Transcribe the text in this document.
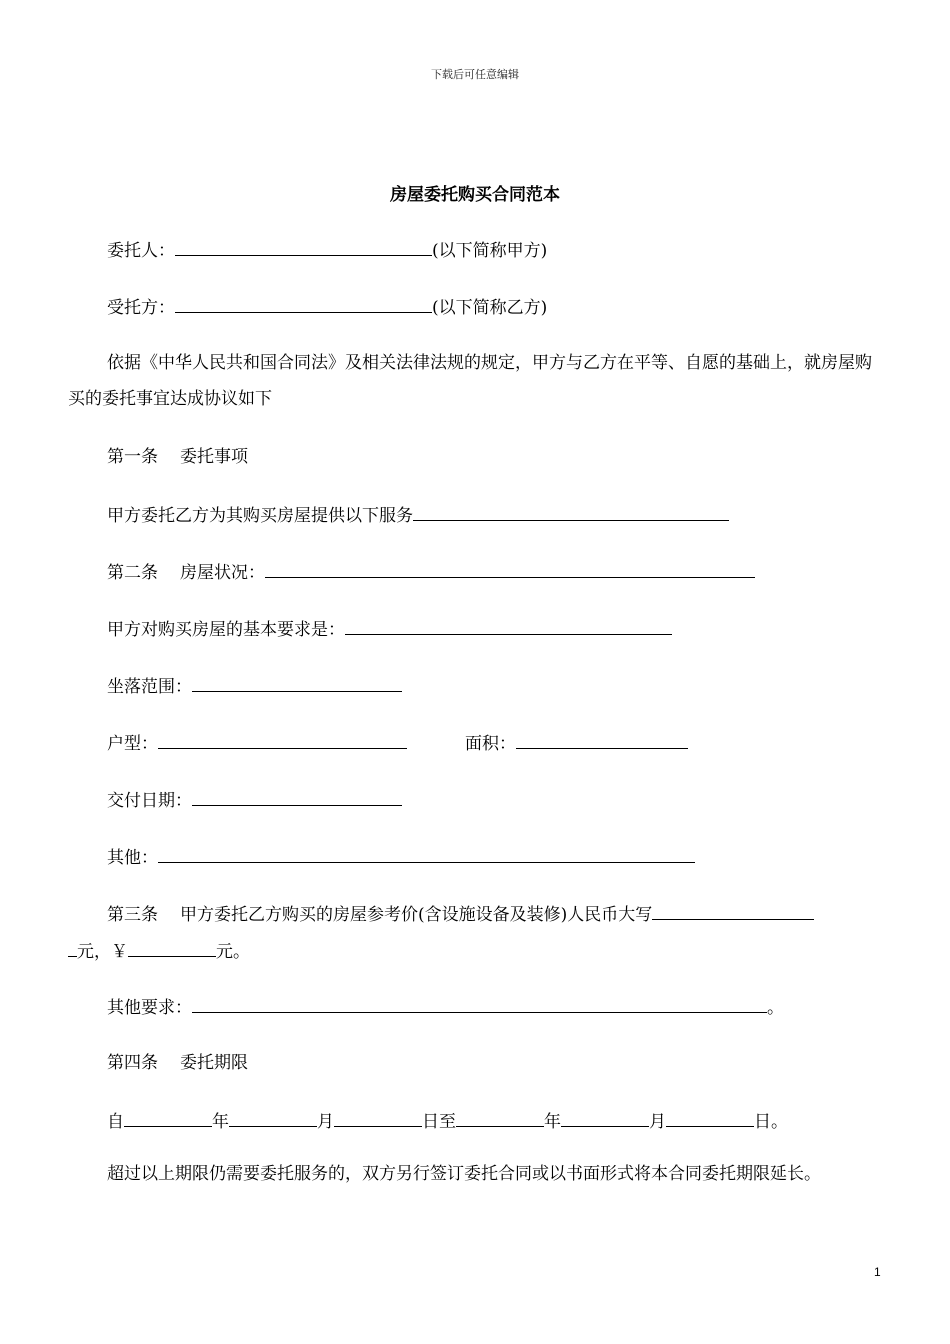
下载后可任意编辑
房屋委托购买合同范本
委托人：	(以下简称甲方)
受托方：	(以下简称乙方)
依据《中华人民共和国合同法》及相关法律法规的规定，甲方与乙方在平等、自愿的基础上，就房屋购买的委托事宜达成协议如下
第一条 委托事项
甲方委托乙方为其购买房屋提供以下服务
第二条 房屋状况：
甲方对购买房屋的基本要求是：
坐落范围：
户型：	面积：
交付日期：
其他：
第三条 甲方委托乙方购买的房屋参考价(含设施设备及装修)人民币大写
元，￥	元。
其他要求：	。
第四条 委托期限
自	年	月	日至	年	月	日。
超过以上期限仍需要委托服务的，双方另行签订委托合同或以书面形式将本合同委托期限延长。
1
